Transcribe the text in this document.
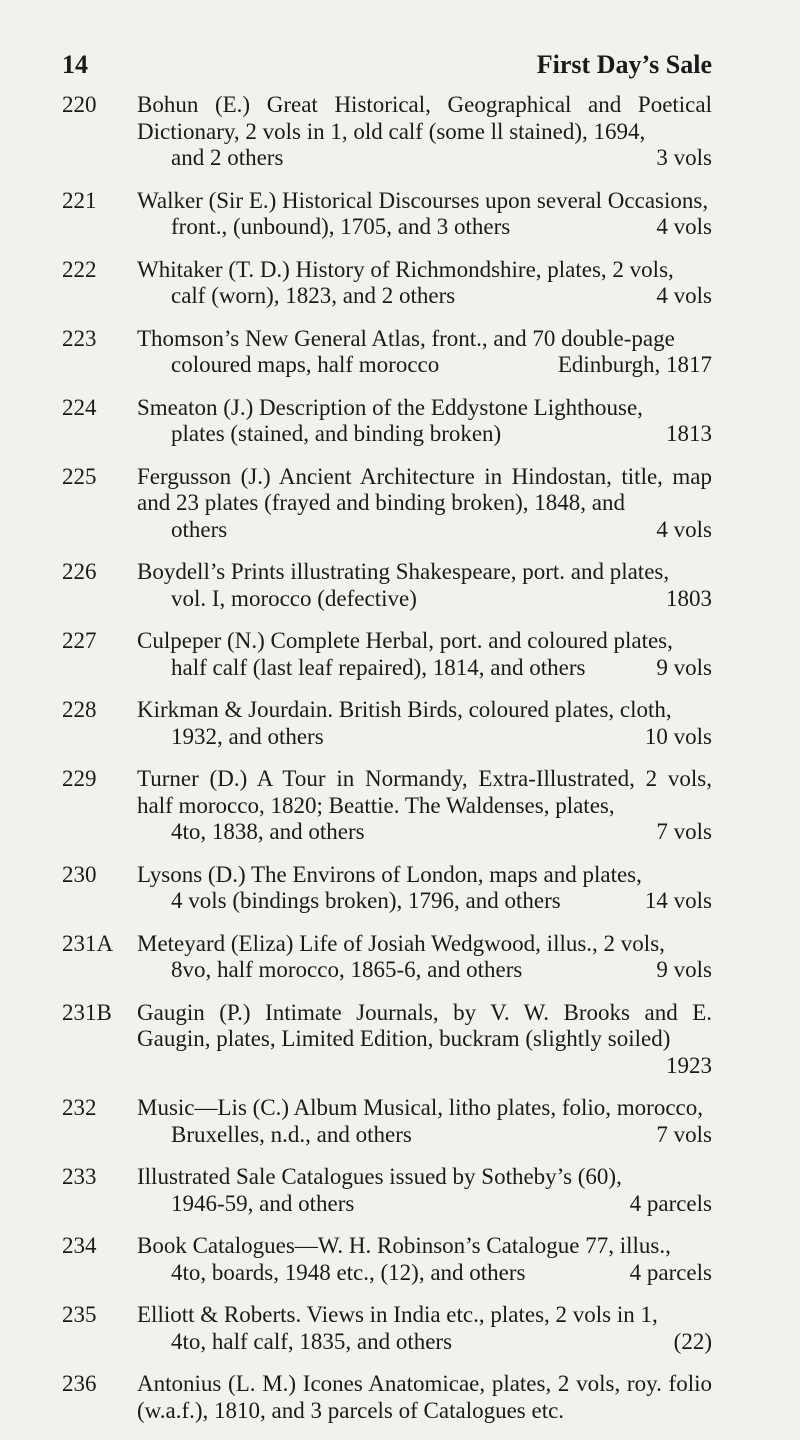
14	First Day’s Sale
220	Bohun (E.) Great Historical, Geographical and Poetical Dictionary, 2 vols in 1, old calf (some ll stained), 1694,
and 2 others	3 vols
221	Walker (Sir E.) Historical Discourses upon several Occasions,
front., (unbound), 1705, and 3 others	4 vols
222	Whitaker (T. D.) History of Richmondshire, plates, 2 vols,
calf (worn), 1823, and 2 others	4 vols
223	Thomson’s New General Atlas, front., and 70 double-page
coloured maps, half morocco	Edinburgh, 1817
224	Smeaton (J.) Description of the Eddystone Lighthouse,
plates (stained, and binding broken)	1813
225	Fergusson (J.) Ancient Architecture in Hindostan, title, map and 23 plates (frayed and binding broken), 1848, and
others	4 vols
226	Boydell’s Prints illustrating Shakespeare, port. and plates,
vol. I, morocco (defective)	1803
227	Culpeper (N.) Complete Herbal, port. and coloured plates,
half calf (last leaf repaired), 1814, and others	9 vols
228	Kirkman & Jourdain. British Birds, coloured plates, cloth,
1932, and others	10 vols
229	Turner (D.) A Tour in Normandy, Extra-Illustrated, 2 vols, half morocco, 1820; Beattie. The Waldenses, plates,
4to, 1838, and others	7 vols
230	Lysons (D.) The Environs of London, maps and plates,
4 vols (bindings broken), 1796, and others	14 vols
231A	Meteyard (Eliza) Life of Josiah Wedgwood, illus., 2 vols,
8vo, half morocco, 1865-6, and others	9 vols
231B	Gaugin (P.) Intimate Journals, by V. W. Brooks and E. Gaugin, plates, Limited Edition, buckram (slightly soiled)
1923
232	Music—Lis (C.) Album Musical, litho plates, folio, morocco,
Bruxelles, n.d., and others	7 vols
233	Illustrated Sale Catalogues issued by Sotheby’s (60),
1946-59, and others	4 parcels
234	Book Catalogues—W. H. Robinson’s Catalogue 77, illus.,
4to, boards, 1948 etc., (12), and others	4 parcels
235	Elliott & Roberts. Views in India etc., plates, 2 vols in 1,
4to, half calf, 1835, and others	(22)
236	Antonius (L. M.) Icones Anatomicae, plates, 2 vols, roy. folio (w.a.f.), 1810, and 3 parcels of Catalogues etc.
